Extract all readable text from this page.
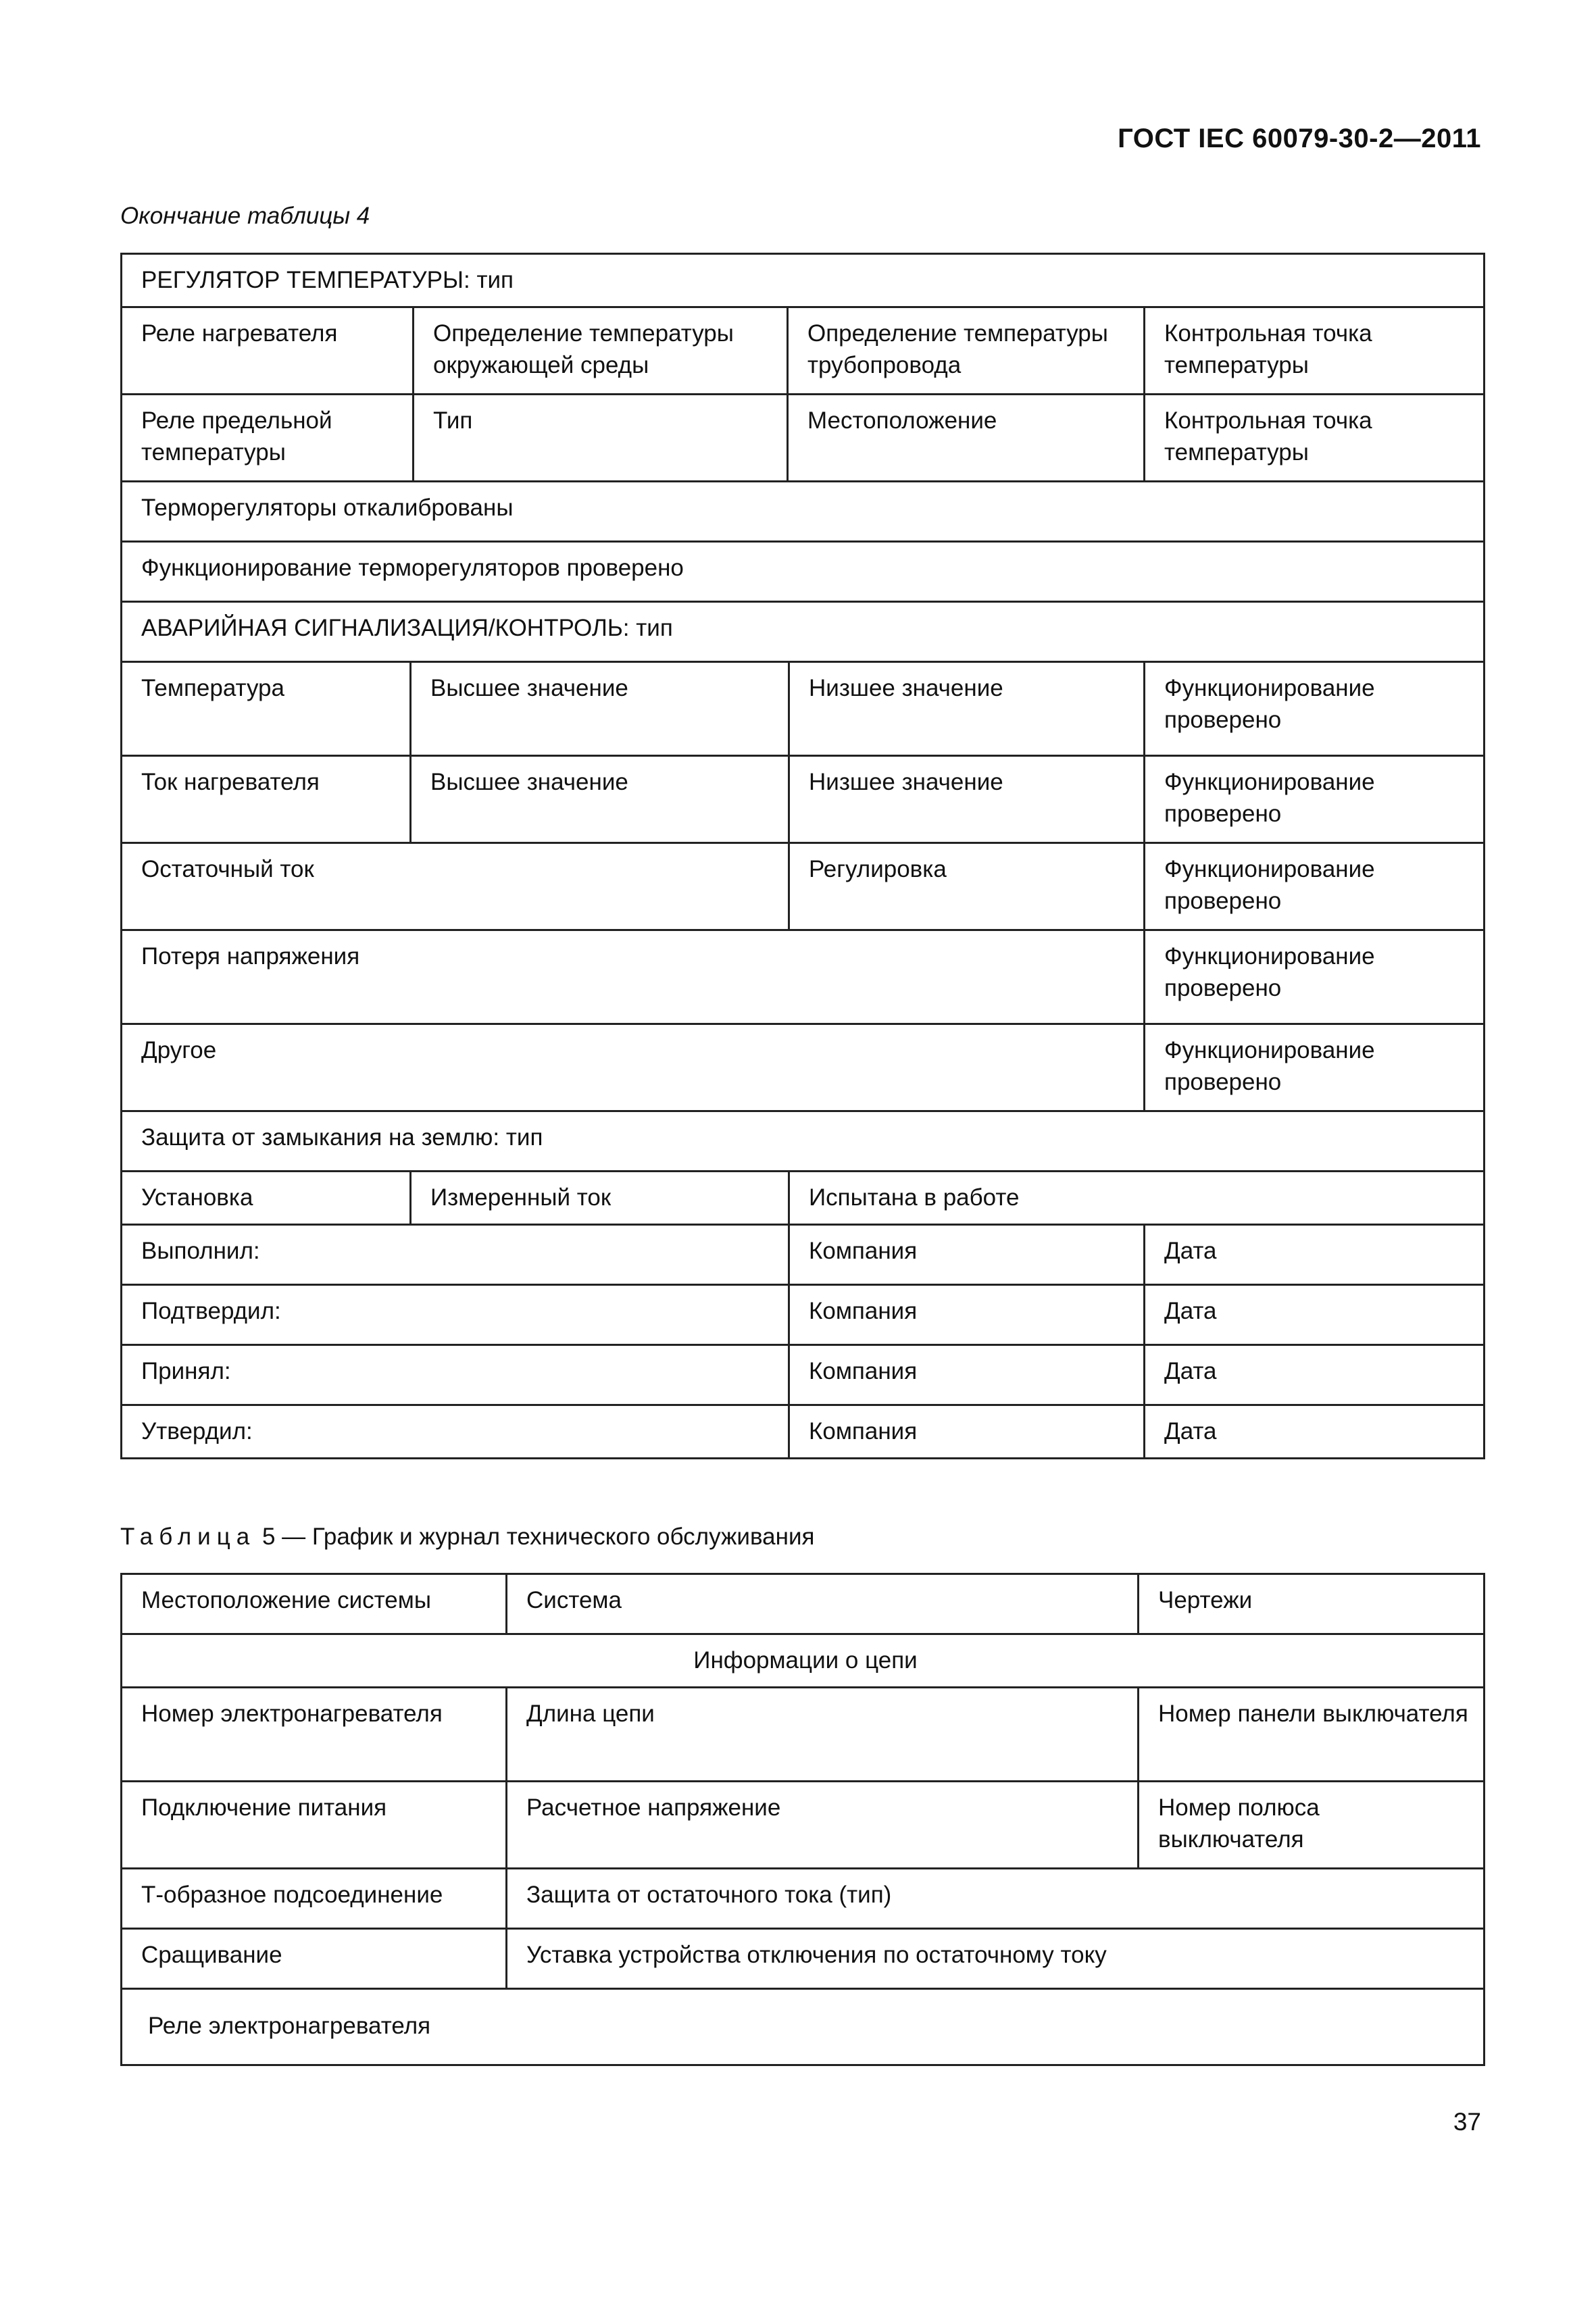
ГОСТ IEC 60079-30-2—2011
Окончание таблицы 4
РЕГУЛЯТОР ТЕМПЕРАТУРЫ: тип					
Реле нагревателя		Определение температуры окружающей среды	Определение температуры трубопровода		Контрольная точка температуры
Реле предельной температуры		Тип	Местоположение		Контрольная точка температуры
Терморегуляторы откалиброваны					
Функционирование терморегуляторов проверено					
АВАРИЙНАЯ СИГНАЛИЗАЦИЯ/КОНТРОЛЬ: тип					
Температура	Высшее значение			Низшее значение	Функционирование проверено
Ток нагревателя	Высшее значение			Низшее значение	Функционирование проверено
Остаточный ток				Регулировка	Функционирование проверено
Потеря напряжения					Функционирование проверено
Другое					Функционирование проверено
Защита от замыкания на землю: тип					
Установка	Измеренный ток			Испытана в работе	
Выполнил:				Компания	Дата
Подтвердил:				Компания	Дата
Принял:				Компания	Дата
Утвердил:				Компания	Дата
Таблица 5 — График и журнал технического обслуживания
Местоположение системы	Система	Чертежи
Информации о цепи		
Номер электронагревателя	Длина цепи	Номер панели выключателя
Подключение питания	Расчетное напряжение	Номер полюса выключателя
Т-образное подсоединение	Защита от остаточного тока (тип)	
Сращивание	Уставка устройства отключения по остаточному току	
Реле электронагревателя		
37
